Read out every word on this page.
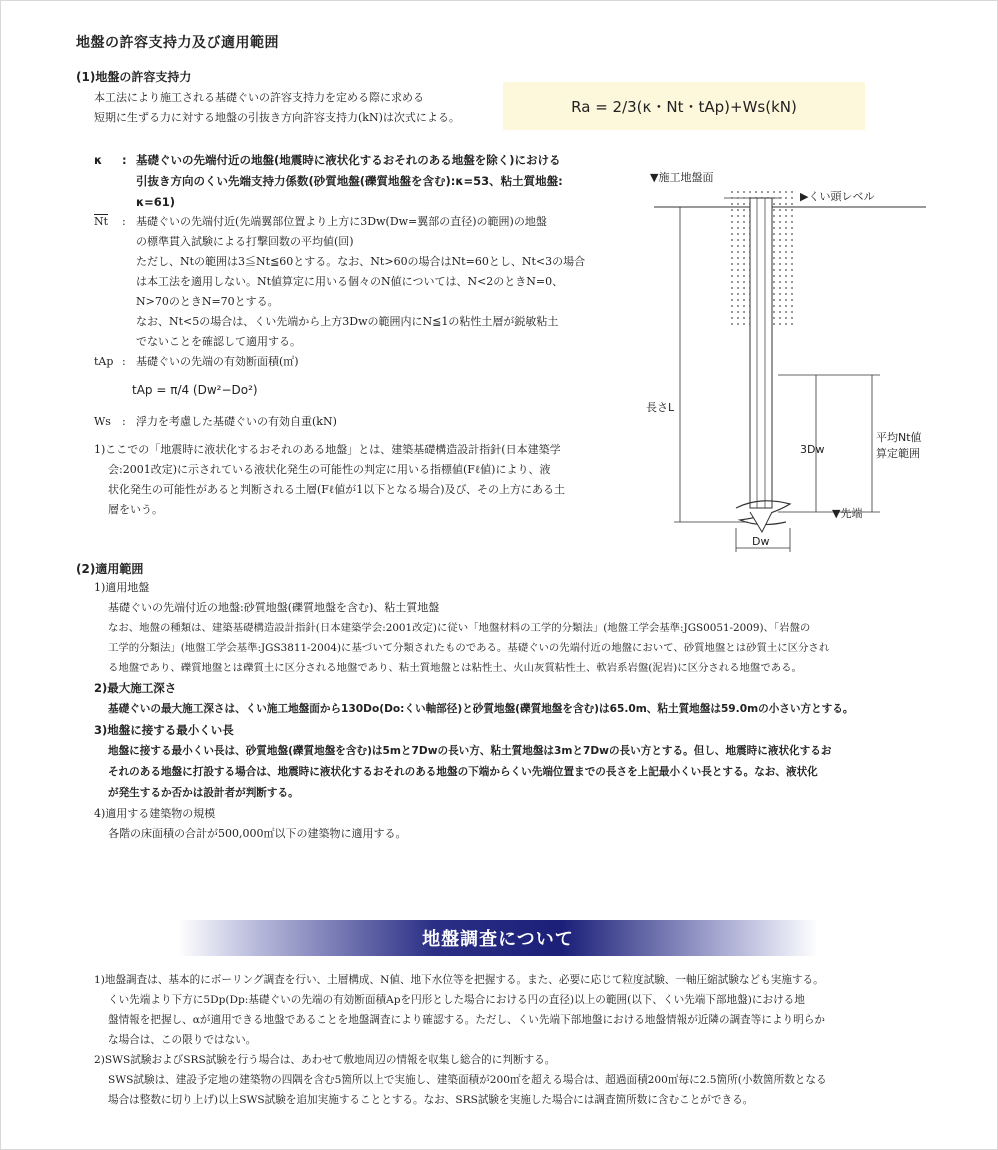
地盤の許容支持力及び適用範囲
(1)地盤の許容支持力
本工法により施工される基礎ぐいの許容支持力を定める際に求める
短期に生ずる力に対する地盤の引抜き方向許容支持力(kN)は次式による。
Ra = 2/3(κ・Nt・tAp)+Ws(kN)
κ	: 基礎ぐいの先端付近の地盤(地震時に液状化するおそれのある地盤を除く)における
引抜き方向のくい先端支持力係数(砂質地盤(礫質地盤を含む):κ=53、粘土質地盤:
κ=61)
$\overline{Nt}$	: 基礎ぐいの先端付近(先端翼部位置より上方に3Dw(Dw=翼部の直径)の範囲)の地盤
の標準貫入試験による打撃回数の平均値(回)
ただし、Ntの範囲は3≦Nt≦60とする。なお、Nt>60の場合はNt=60とし、Nt<3の場合
は本工法を適用しない。Nt値算定に用いる個々のN値については、N<2のときN=0、
N>70のときN=70とする。
なお、Nt<5の場合は、くい先端から上方3Dwの範囲内にN≦1の粘性土層が鋭敏粘土
でないことを確認して適用する。
tAp : 基礎ぐいの先端の有効断面積(㎡)
tAp = π/4 (Dw²−Do²)
Ws	: 浮力を考慮した基礎ぐいの有効自重(kN)
1)ここでの「地震時に液状化するおそれのある地盤」とは、建築基礎構造設計指針(日本建築学
会:2001改定)に示されている液状化発生の可能性の判定に用いる指標値(Fℓ値)により、液
状化発生の可能性があると判断される土層(Fℓ値が1以下となる場合)及び、その上方にある土
層をいう。
▼施工地盤面
▶くい頭レベル
長さL
3Dw
平均Nt値
算定範囲
▼先端
Dw
(2)適用範囲
1)適用地盤
基礎ぐいの先端付近の地盤:砂質地盤(礫質地盤を含む)、粘土質地盤
なお、地盤の種類は、建築基礎構造設計指針(日本建築学会:2001改定)に従い「地盤材料の工学的分類法」(地盤工学会基準:JGS0051-2009)、「岩盤の
工学的分類法」(地盤工学会基準:JGS3811-2004)に基づいて分類されたものである。基礎ぐいの先端付近の地盤において、砂質地盤とは砂質土に区分され
る地盤であり、礫質地盤とは礫質土に区分される地盤であり、粘土質地盤とは粘性土、火山灰質粘性土、軟岩系岩盤(泥岩)に区分される地盤である。
2)最大施工深さ
基礎ぐいの最大施工深さは、くい施工地盤面から130Do(Do:くい軸部径)と砂質地盤(礫質地盤を含む)は65.0m、粘土質地盤は59.0mの小さい方とする。
3)地盤に接する最小くい長
地盤に接する最小くい長は、砂質地盤(礫質地盤を含む)は5mと7Dwの長い方、粘土質地盤は3mと7Dwの長い方とする。但し、地震時に液状化するお
それのある地盤に打設する場合は、地震時に液状化するおそれのある地盤の下端からくい先端位置までの長さを上記最小くい長とする。なお、液状化
が発生するか否かは設計者が判断する。
4)適用する建築物の規模
各階の床面積の合計が500,000㎡以下の建築物に適用する。
地盤調査について
1)地盤調査は、基本的にボーリング調査を行い、土層構成、N値、地下水位等を把握する。また、必要に応じて粒度試験、一軸圧縮試験なども実施する。
くい先端より下方に5Dp(Dp:基礎ぐいの先端の有効断面積Apを円形とした場合における円の直径)以上の範囲(以下、くい先端下部地盤)における地
盤情報を把握し、αが適用できる地盤であることを地盤調査により確認する。ただし、くい先端下部地盤における地盤情報が近隣の調査等により明らか
な場合は、この限りではない。
2)SWS試験およびSRS試験を行う場合は、あわせて敷地周辺の情報を収集し総合的に判断する。
SWS試験は、建設予定地の建築物の四隅を含む5箇所以上で実施し、建築面積が200㎡を超える場合は、超過面積200㎡毎に2.5箇所(小数箇所数となる
場合は整数に切り上げ)以上SWS試験を追加実施することとする。なお、SRS試験を実施した場合には調査箇所数に含むことができる。
